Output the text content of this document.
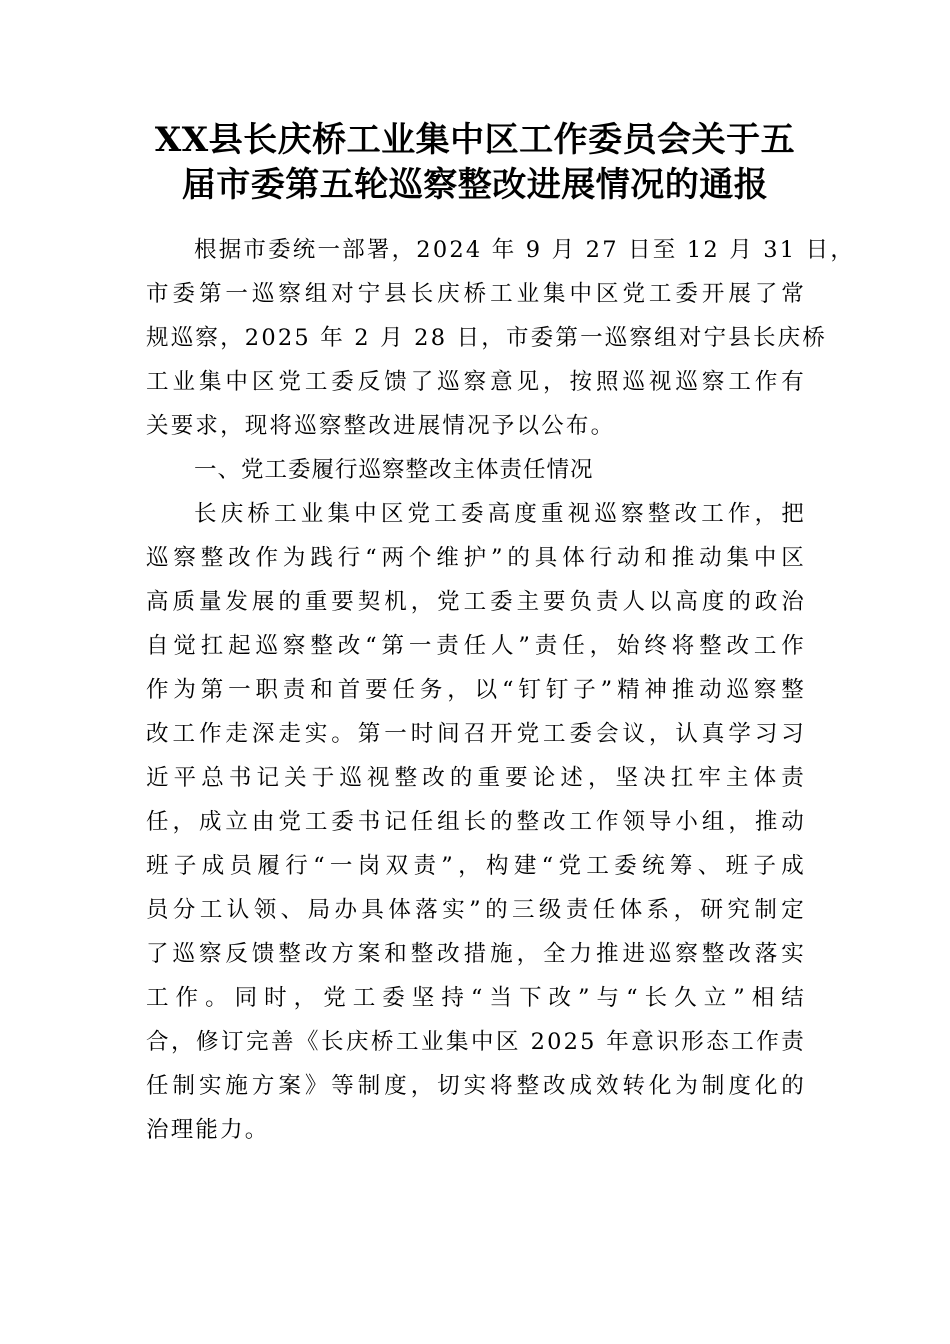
XX县长庆桥工业集中区工作委员会关于五
届市委第五轮巡察整改进展情况的通报
根据市委统一部署，2024 年 9 月 27 日至 12 月 31 日，
市委第一巡察组对宁县长庆桥工业集中区党工委开展了常
规巡察，2025 年 2 月 28 日，市委第一巡察组对宁县长庆桥
工业集中区党工委反馈了巡察意见，按照巡视巡察工作有
关要求，现将巡察整改进展情况予以公布。
一、党工委履行巡察整改主体责任情况
长庆桥工业集中区党工委高度重视巡察整改工作，把
巡察整改作为践行“两个维护”的具体行动和推动集中区
高质量发展的重要契机，党工委主要负责人以高度的政治
自觉扛起巡察整改“第一责任人”责任，始终将整改工作
作为第一职责和首要任务，以“钉钉子”精神推动巡察整
改工作走深走实。第一时间召开党工委会议，认真学习习
近平总书记关于巡视整改的重要论述，坚决扛牢主体责
任，成立由党工委书记任组长的整改工作领导小组，推动
班子成员履行“一岗双责”，构建“党工委统筹、班子成
员分工认领、局办具体落实”的三级责任体系，研究制定
了巡察反馈整改方案和整改措施，全力推进巡察整改落实
工作。同时，党工委坚持“当下改”与“长久立”相结
合，修订完善《长庆桥工业集中区 2025 年意识形态工作责
任制实施方案》等制度，切实将整改成效转化为制度化的
治理能力。
